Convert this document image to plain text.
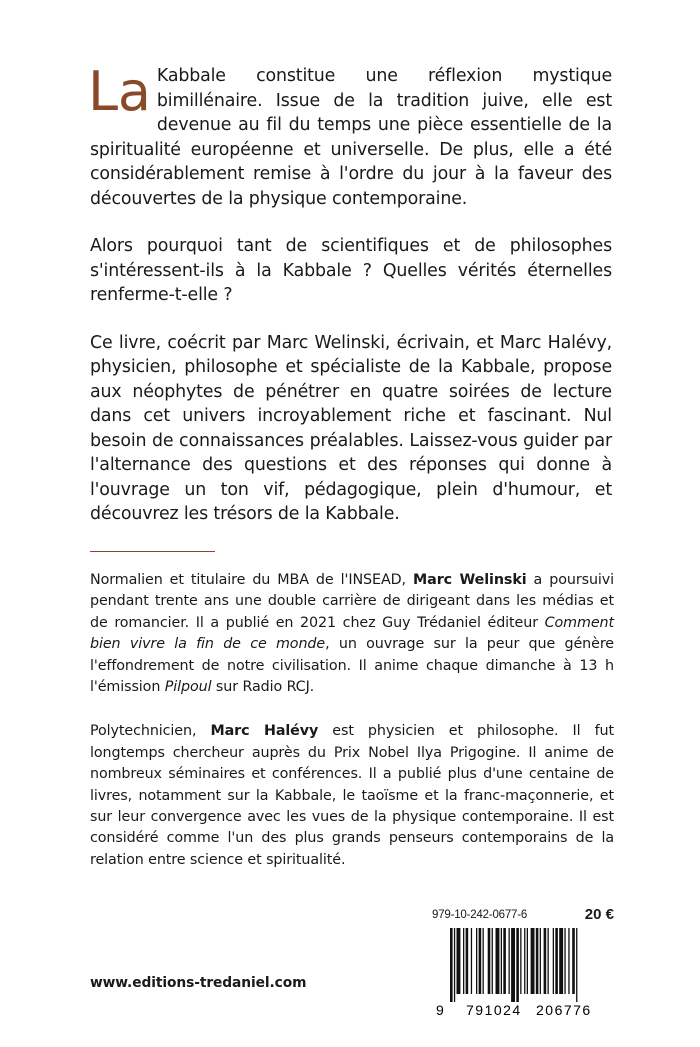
La Kabbale constitue une réflexion mystique bimillénaire. Issue de la tradition juive, elle est devenue au fil du temps une pièce essentielle de la spiritualité européenne et universelle. De plus, elle a été considérablement remise à l'ordre du jour à la faveur des découvertes de la physique contemporaine.

Alors pourquoi tant de scientifiques et de philosophes s'intéressent-ils à la Kabbale ? Quelles vérités éternelles renferme-t-elle ?

Ce livre, coécrit par Marc Welinski, écrivain, et Marc Halévy, physicien, philosophe et spécialiste de la Kabbale, propose aux néophytes de pénétrer en quatre soirées de lecture dans cet univers incroyablement riche et fascinant. Nul besoin de connaissances préalables. Laissez-vous guider par l'alternance des questions et des réponses qui donne à l'ouvrage un ton vif, pédagogique, plein d'humour, et découvrez les trésors de la Kabbale.

Normalien et titulaire du MBA de l'INSEAD, Marc Welinski a poursuivi pendant trente ans une double carrière de dirigeant dans les médias et de romancier. Il a publié en 2021 chez Guy Trédaniel éditeur Comment bien vivre la fin de ce monde, un ouvrage sur la peur que génère l'effondrement de notre civilisation. Il anime chaque dimanche à 13 h l'émission Pilpoul sur Radio RCJ.

Polytechnicien, Marc Halévy est physicien et philosophe. Il fut longtemps chercheur auprès du Prix Nobel Ilya Prigogine. Il anime de nombreux séminaires et conférences. Il a publié plus d'une centaine de livres, notamment sur la Kabbale, le taoïsme et la franc-maçonnerie, et sur leur convergence avec les vues de la physique contemporaine. Il est considéré comme l'un des plus grands penseurs contemporains de la relation entre science et spiritualité.

www.editions-tredaniel.com
979-10-242-0677-6	20 €
9 791024 206776
